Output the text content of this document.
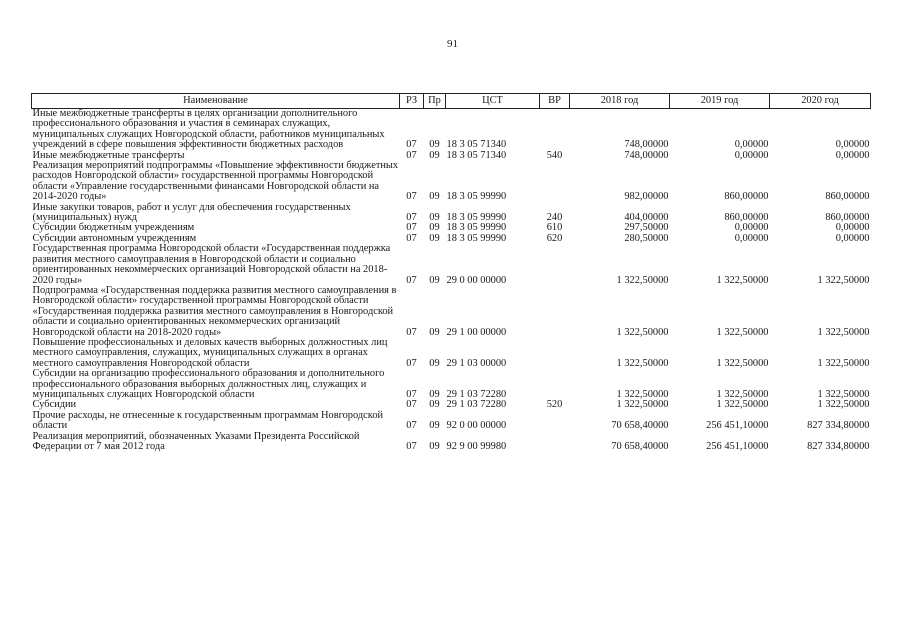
91
Наименование	РЗ	Пр	ЦСТ	ВР	2018 год	2019 год	2020 год
Иные межбюджетные трансферты в целях организации дополнительного профессионального образования и участия в семинарах служащих, муниципальных служащих Новгородской области, работников муниципальных учреждений в сфере повышения эффективности бюджетных расходов	07	09	18 3 05 71340		748,00000	0,00000	0,00000
Иные межбюджетные трансферты	07	09	18 3 05 71340	540	748,00000	0,00000	0,00000
Реализация мероприятий подпрограммы «Повышение эффективности бюджетных расходов Новгородской области» государственной программы Новгородской области «Управление государственными финансами Новгородской области на 2014-2020 годы»	07	09	18 3 05 99990		982,00000	860,00000	860,00000
Иные закупки товаров, работ и услуг для обеспечения государственных (муниципальных) нужд	07	09	18 3 05 99990	240	404,00000	860,00000	860,00000
Субсидии бюджетным учреждениям	07	09	18 3 05 99990	610	297,50000	0,00000	0,00000
Субсидии автономным учреждениям	07	09	18 3 05 99990	620	280,50000	0,00000	0,00000
Государственная программа Новгородской области «Государственная поддержка развития местного самоуправления в Новгородской области и социально ориентированных некоммерческих организаций Новгородской области на 2018-2020 годы»	07	09	29 0 00 00000		1 322,50000	1 322,50000	1 322,50000
Подпрограмма «Государственная поддержка развития местного самоуправления в Новгородской области» государственной программы Новгородской области «Государственная поддержка развития местного самоуправления в Новгородской области и социально ориентированных некоммерческих организаций Новгородской области на 2018-2020 годы»	07	09	29 1 00 00000		1 322,50000	1 322,50000	1 322,50000
Повышение профессиональных и деловых качеств выборных должностных лиц местного самоуправления, служащих, муниципальных служащих в органах местного самоуправления Новгородской области	07	09	29 1 03 00000		1 322,50000	1 322,50000	1 322,50000
Субсидии на организацию профессионального образования и дополнительного профессионального образования выборных должностных лиц, служащих и муниципальных служащих Новгородской области	07	09	29 1 03 72280		1 322,50000	1 322,50000	1 322,50000
Субсидии	07	09	29 1 03 72280	520	1 322,50000	1 322,50000	1 322,50000
Прочие расходы, не отнесенные к государственным программам Новгородской области	07	09	92 0 00 00000		70 658,40000	256 451,10000	827 334,80000
Реализация мероприятий, обозначенных Указами Президента Российской Федерации от 7 мая 2012 года	07	09	92 9 00 99980		70 658,40000	256 451,10000	827 334,80000
